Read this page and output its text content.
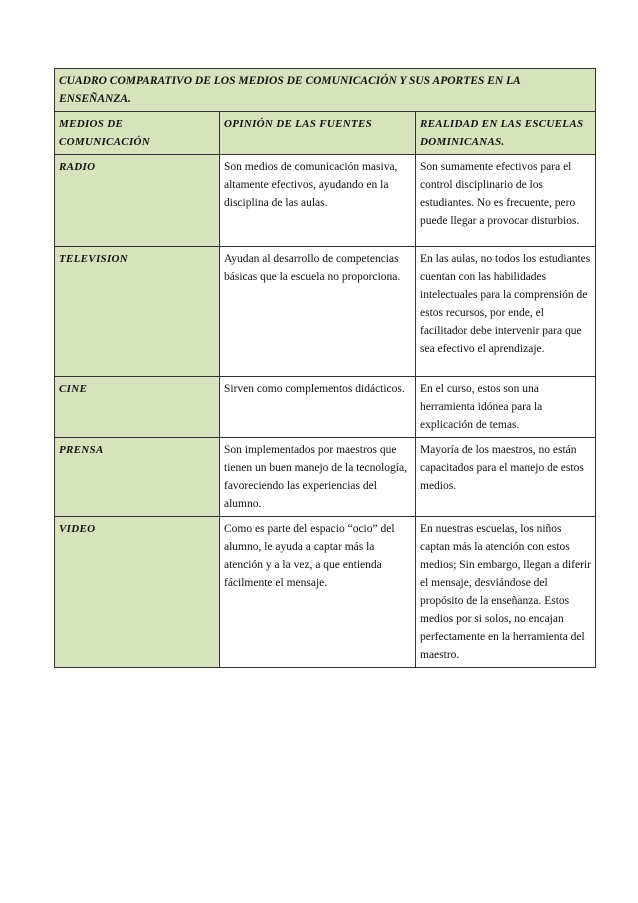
CUADRO COMPARATIVO DE LOS MEDIOS DE COMUNICACIÓN Y SUS APORTES EN LA ENSEÑANZA.		
MEDIOS DE COMUNICACIÓN	OPINIÓN DE LAS FUENTES	REALIDAD EN LAS ESCUELAS DOMINICANAS.
RADIO	Son medios de comunicación masiva, altamente efectivos, ayudando en la disciplina de las aulas.	Son sumamente efectivos para el control disciplinario de los estudiantes. No es frecuente, pero puede llegar a provocar disturbios.
TELEVISION	Ayudan al desarrollo de competencias básicas que la escuela no proporciona.	En las aulas, no todos los estudiantes cuentan con las habilidades intelectuales para la comprensión de estos recursos, por ende, el facilitador debe intervenir para que sea efectivo el aprendizaje.
CINE	Sirven como complementos didácticos.	En el curso, estos son una herramienta idónea para la explicación de temas.
PRENSA	Son implementados por maestros que tienen un buen manejo de la tecnología, favoreciendo las experiencias del alumno.	Mayoría de los maestros, no están capacitados para el manejo de estos medios.
VIDEO	Como es parte del espacio “ocio” del alumno, le ayuda a captar más la atención y a la vez, a que entienda fácilmente el mensaje.	En nuestras escuelas, los niños captan más la atención con estos medios; Sin embargo, llegan a diferir el mensaje, desviándose del propósito de la enseñanza. Estos medios por si solos, no encajan perfectamente en la herramienta del maestro.
